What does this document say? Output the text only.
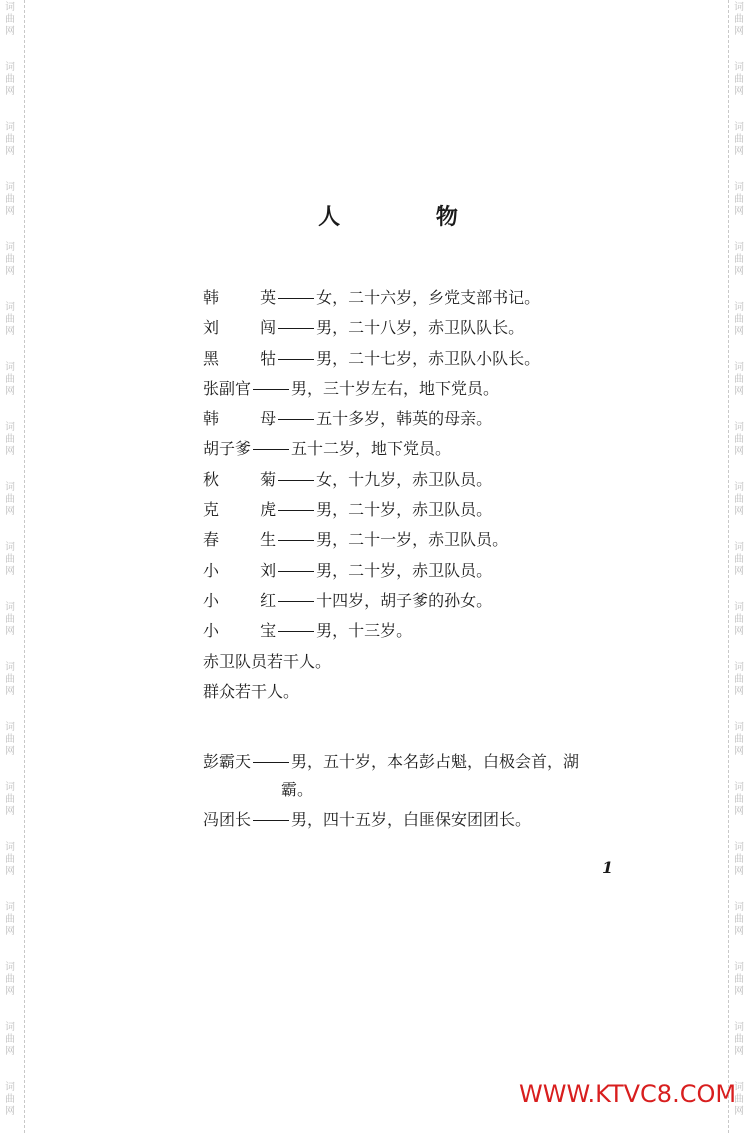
词
曲
网
词
曲
网
词
曲
网
词
曲
网
词
曲
网
词
曲
网
词
曲
网
词
曲
网
词
曲
网
词
曲
网
词
曲
网
词
曲
网
词
曲
网
词
曲
网
词
曲
网
词
曲
网
词
曲
网
词
曲
网
词
曲
网
词
曲
网
词
曲
网
词
曲
网
词
曲
网
词
曲
网
词
曲
网
词
曲
网
词
曲
网
词
曲
网
词
曲
网
词
曲
网
词
曲
网
词
曲
网
词
曲
网
词
曲
网
词
曲
网
词
曲
网
词
曲
网
词
曲
网
人 物
韩 英 女，二十六岁，乡党支部书记。
刘 闯 男，二十八岁，赤卫队队长。
黑 牯 男，二十七岁，赤卫队小队长。
张副官	男，三十岁左右，地下党员。
韩 母 五十多岁，韩英的母亲。
胡子爹	五十二岁，地下党员。
秋 菊 女，十九岁，赤卫队员。
克 虎 男，二十岁，赤卫队员。
春 生 男，二十一岁，赤卫队员。
小 刘 男，二十岁，赤卫队员。
小 红 十四岁，胡子爹的孙女。
小 宝 男，十三岁。
赤卫队员若干人。
群众若干人。
彭霸天	男，五十岁，本名彭占魁，白极会首，湖
霸。
冯团长	男，四十五岁，白匪保安团团长。
1
WWW.KTVC8.COM
